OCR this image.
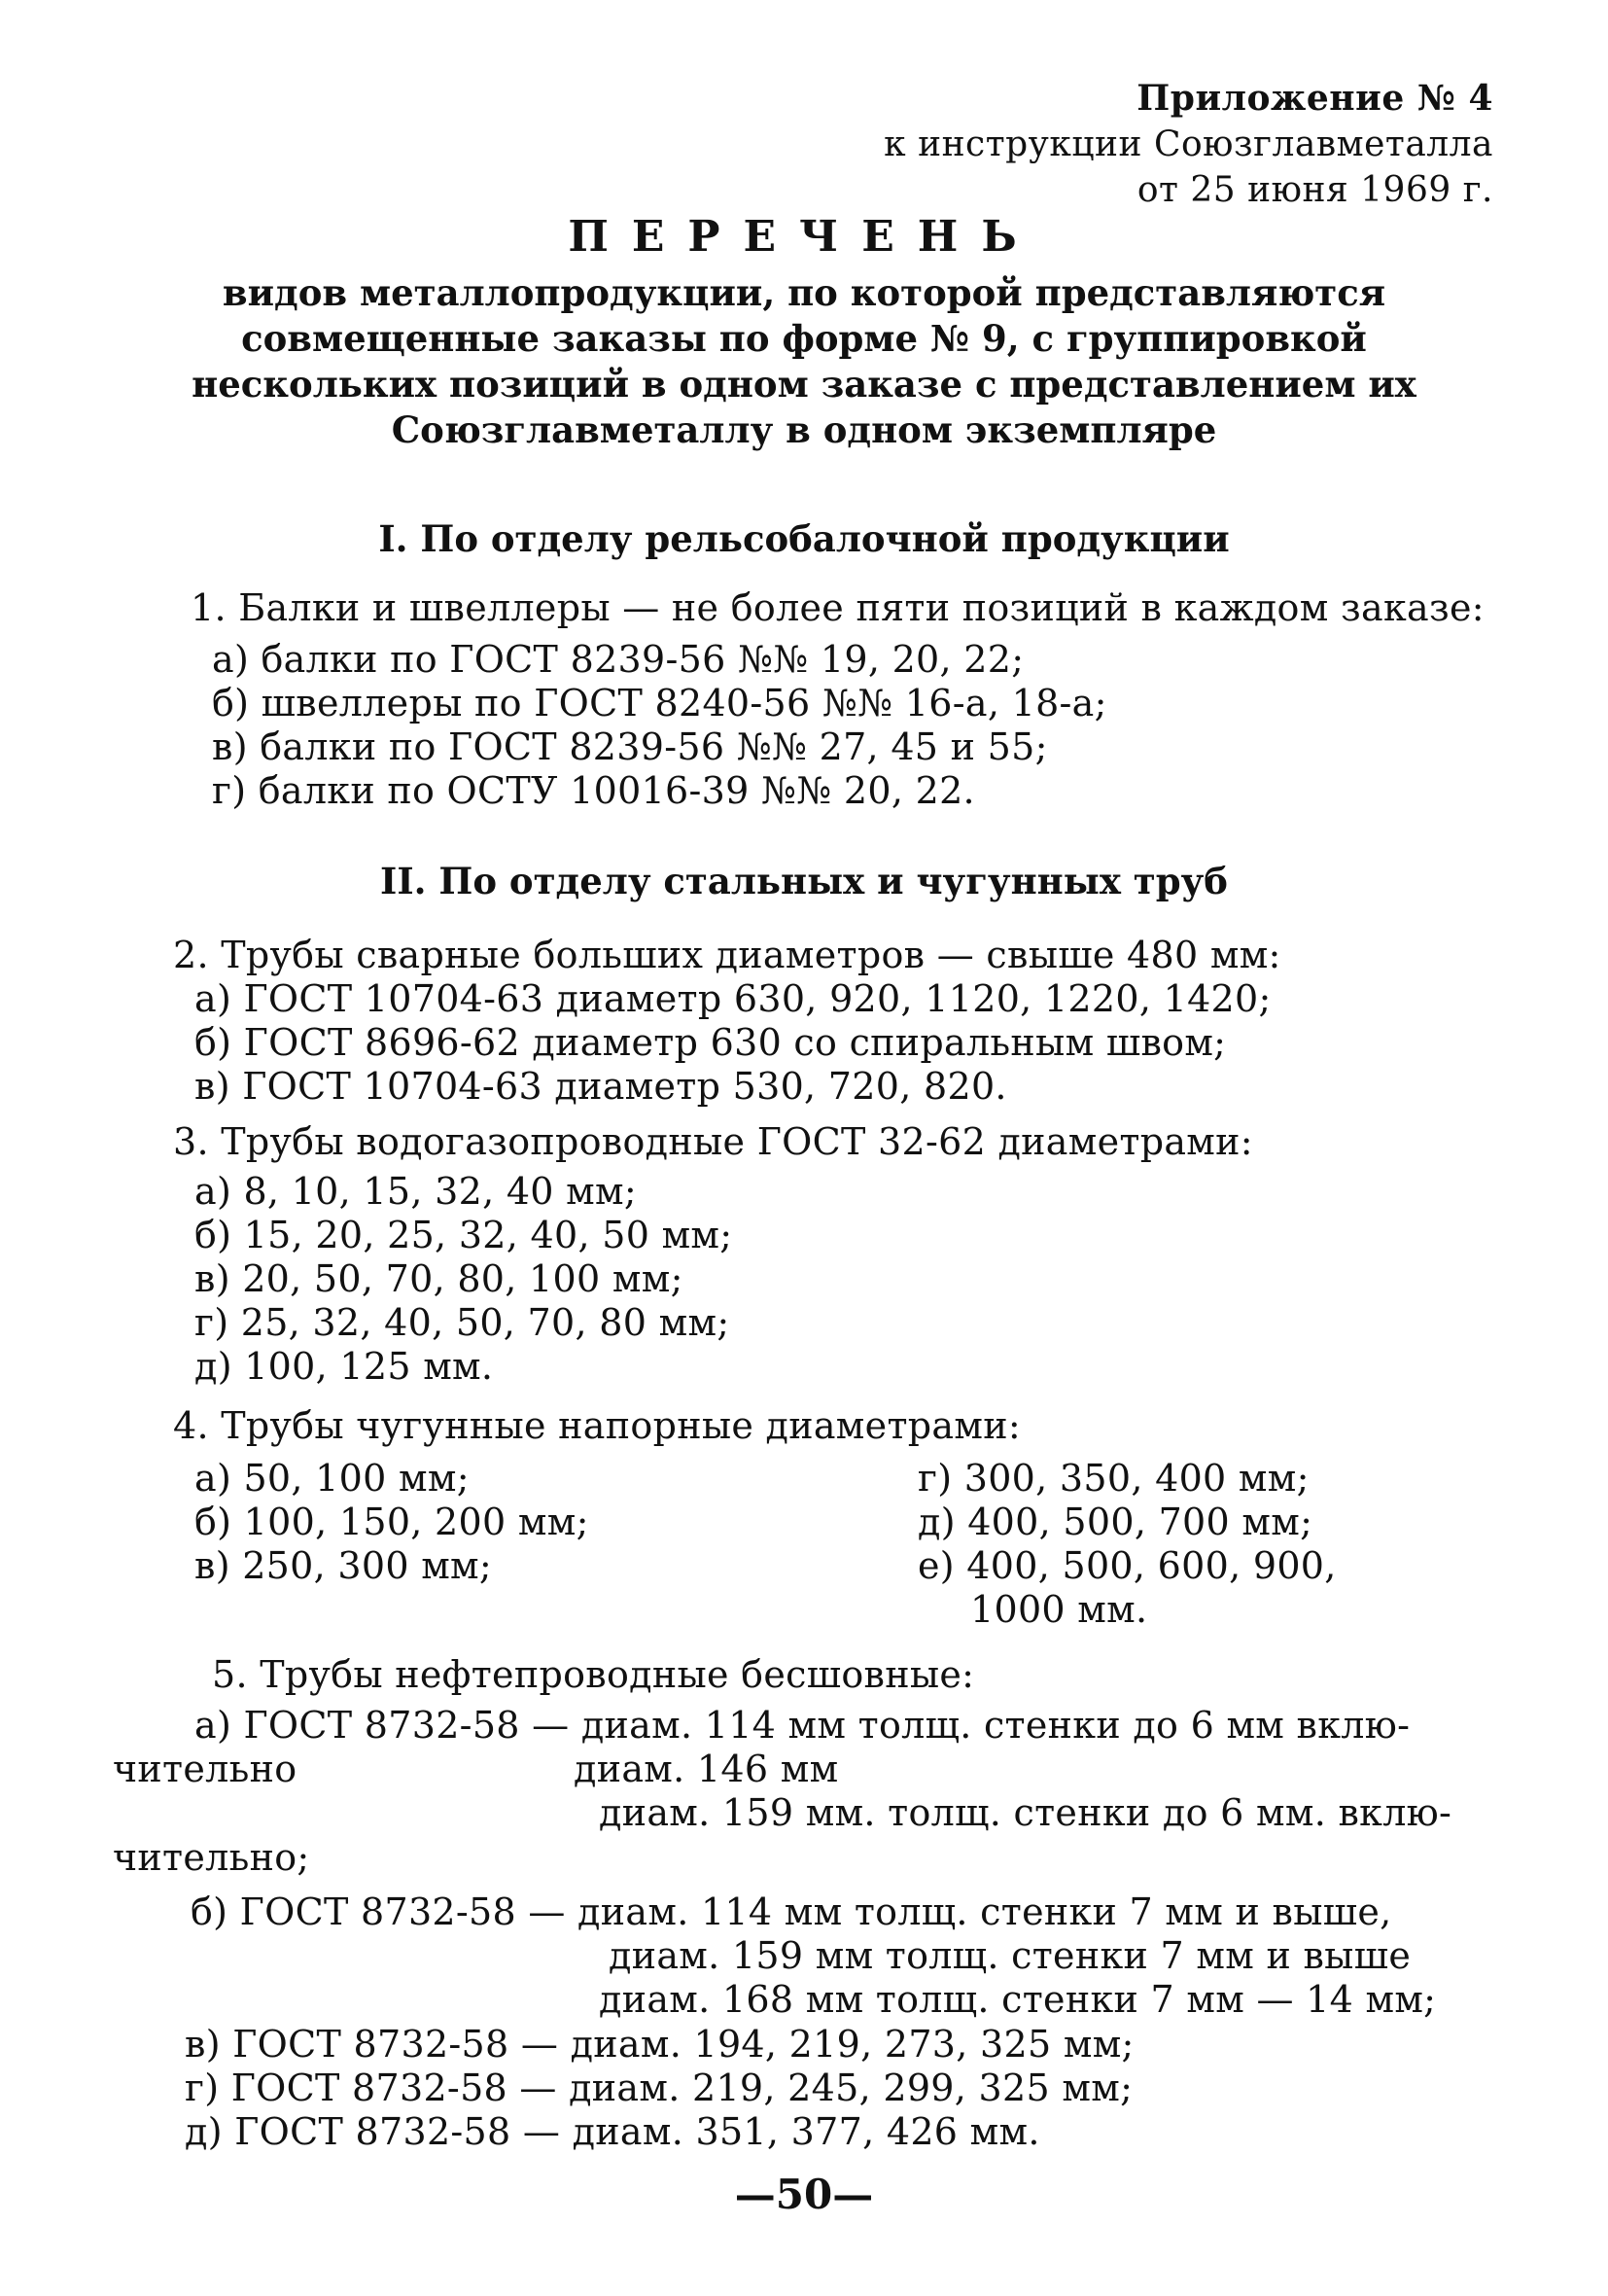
Приложение № 4
к инструкции Союзглавметалла
от 25 июня 1969 г.
ПЕРЕЧЕНЬ
видов металлопродукции, по которой представляются
совмещенные заказы по форме № 9, с группировкой
нескольких позиций в одном заказе с представлением их
Союзглавметаллу в одном экземпляре
I. По отделу рельсобалочной продукции
1. Балки и швеллеры — не более пяти позиций в каждом заказе:
а) балки по ГОСТ 8239-56 №№ 19, 20, 22;
б) швеллеры по ГОСТ 8240-56 №№ 16-а, 18-а;
в) балки по ГОСТ 8239-56 №№ 27, 45 и 55;
г) балки по ОСТУ 10016-39 №№ 20, 22.
II. По отделу стальных и чугунных труб
2. Трубы сварные больших диаметров — свыше 480 мм:
а) ГОСТ 10704-63 диаметр 630, 920, 1120, 1220, 1420;
б) ГОСТ 8696-62 диаметр 630 со спиральным швом;
в) ГОСТ 10704-63 диаметр 530, 720, 820.
3. Трубы водогазопроводные ГОСТ 32-62 диаметрами:
а) 8, 10, 15, 32, 40 мм;
б) 15, 20, 25, 32, 40, 50 мм;
в) 20, 50, 70, 80, 100 мм;
г) 25, 32, 40, 50, 70, 80 мм;
д) 100, 125 мм.
4. Трубы чугунные напорные диаметрами:
а) 50, 100 мм;
б) 100, 150, 200 мм;
в) 250, 300 мм;
г) 300, 350, 400 мм;
д) 400, 500, 700 мм;
е) 400, 500, 600, 900,
1000 мм.
5. Трубы нефтепроводные бесшовные:
а) ГОСТ 8732-58 — диам. 114 мм толщ. стенки до 6 мм вклю-
чительно	диам. 146 мм
диам. 159 мм. толщ. стенки до 6 мм. вклю-
чительно;
б) ГОСТ 8732-58 — диам. 114 мм толщ. стенки 7 мм и выше,
диам. 159 мм толщ. стенки 7 мм и выше
диам. 168 мм толщ. стенки 7 мм — 14 мм;
в) ГОСТ 8732-58 — диам. 194, 219, 273, 325 мм;
г) ГОСТ 8732-58 — диам. 219, 245, 299, 325 мм;
д) ГОСТ 8732-58 — диам. 351, 377, 426 мм.
—50—
